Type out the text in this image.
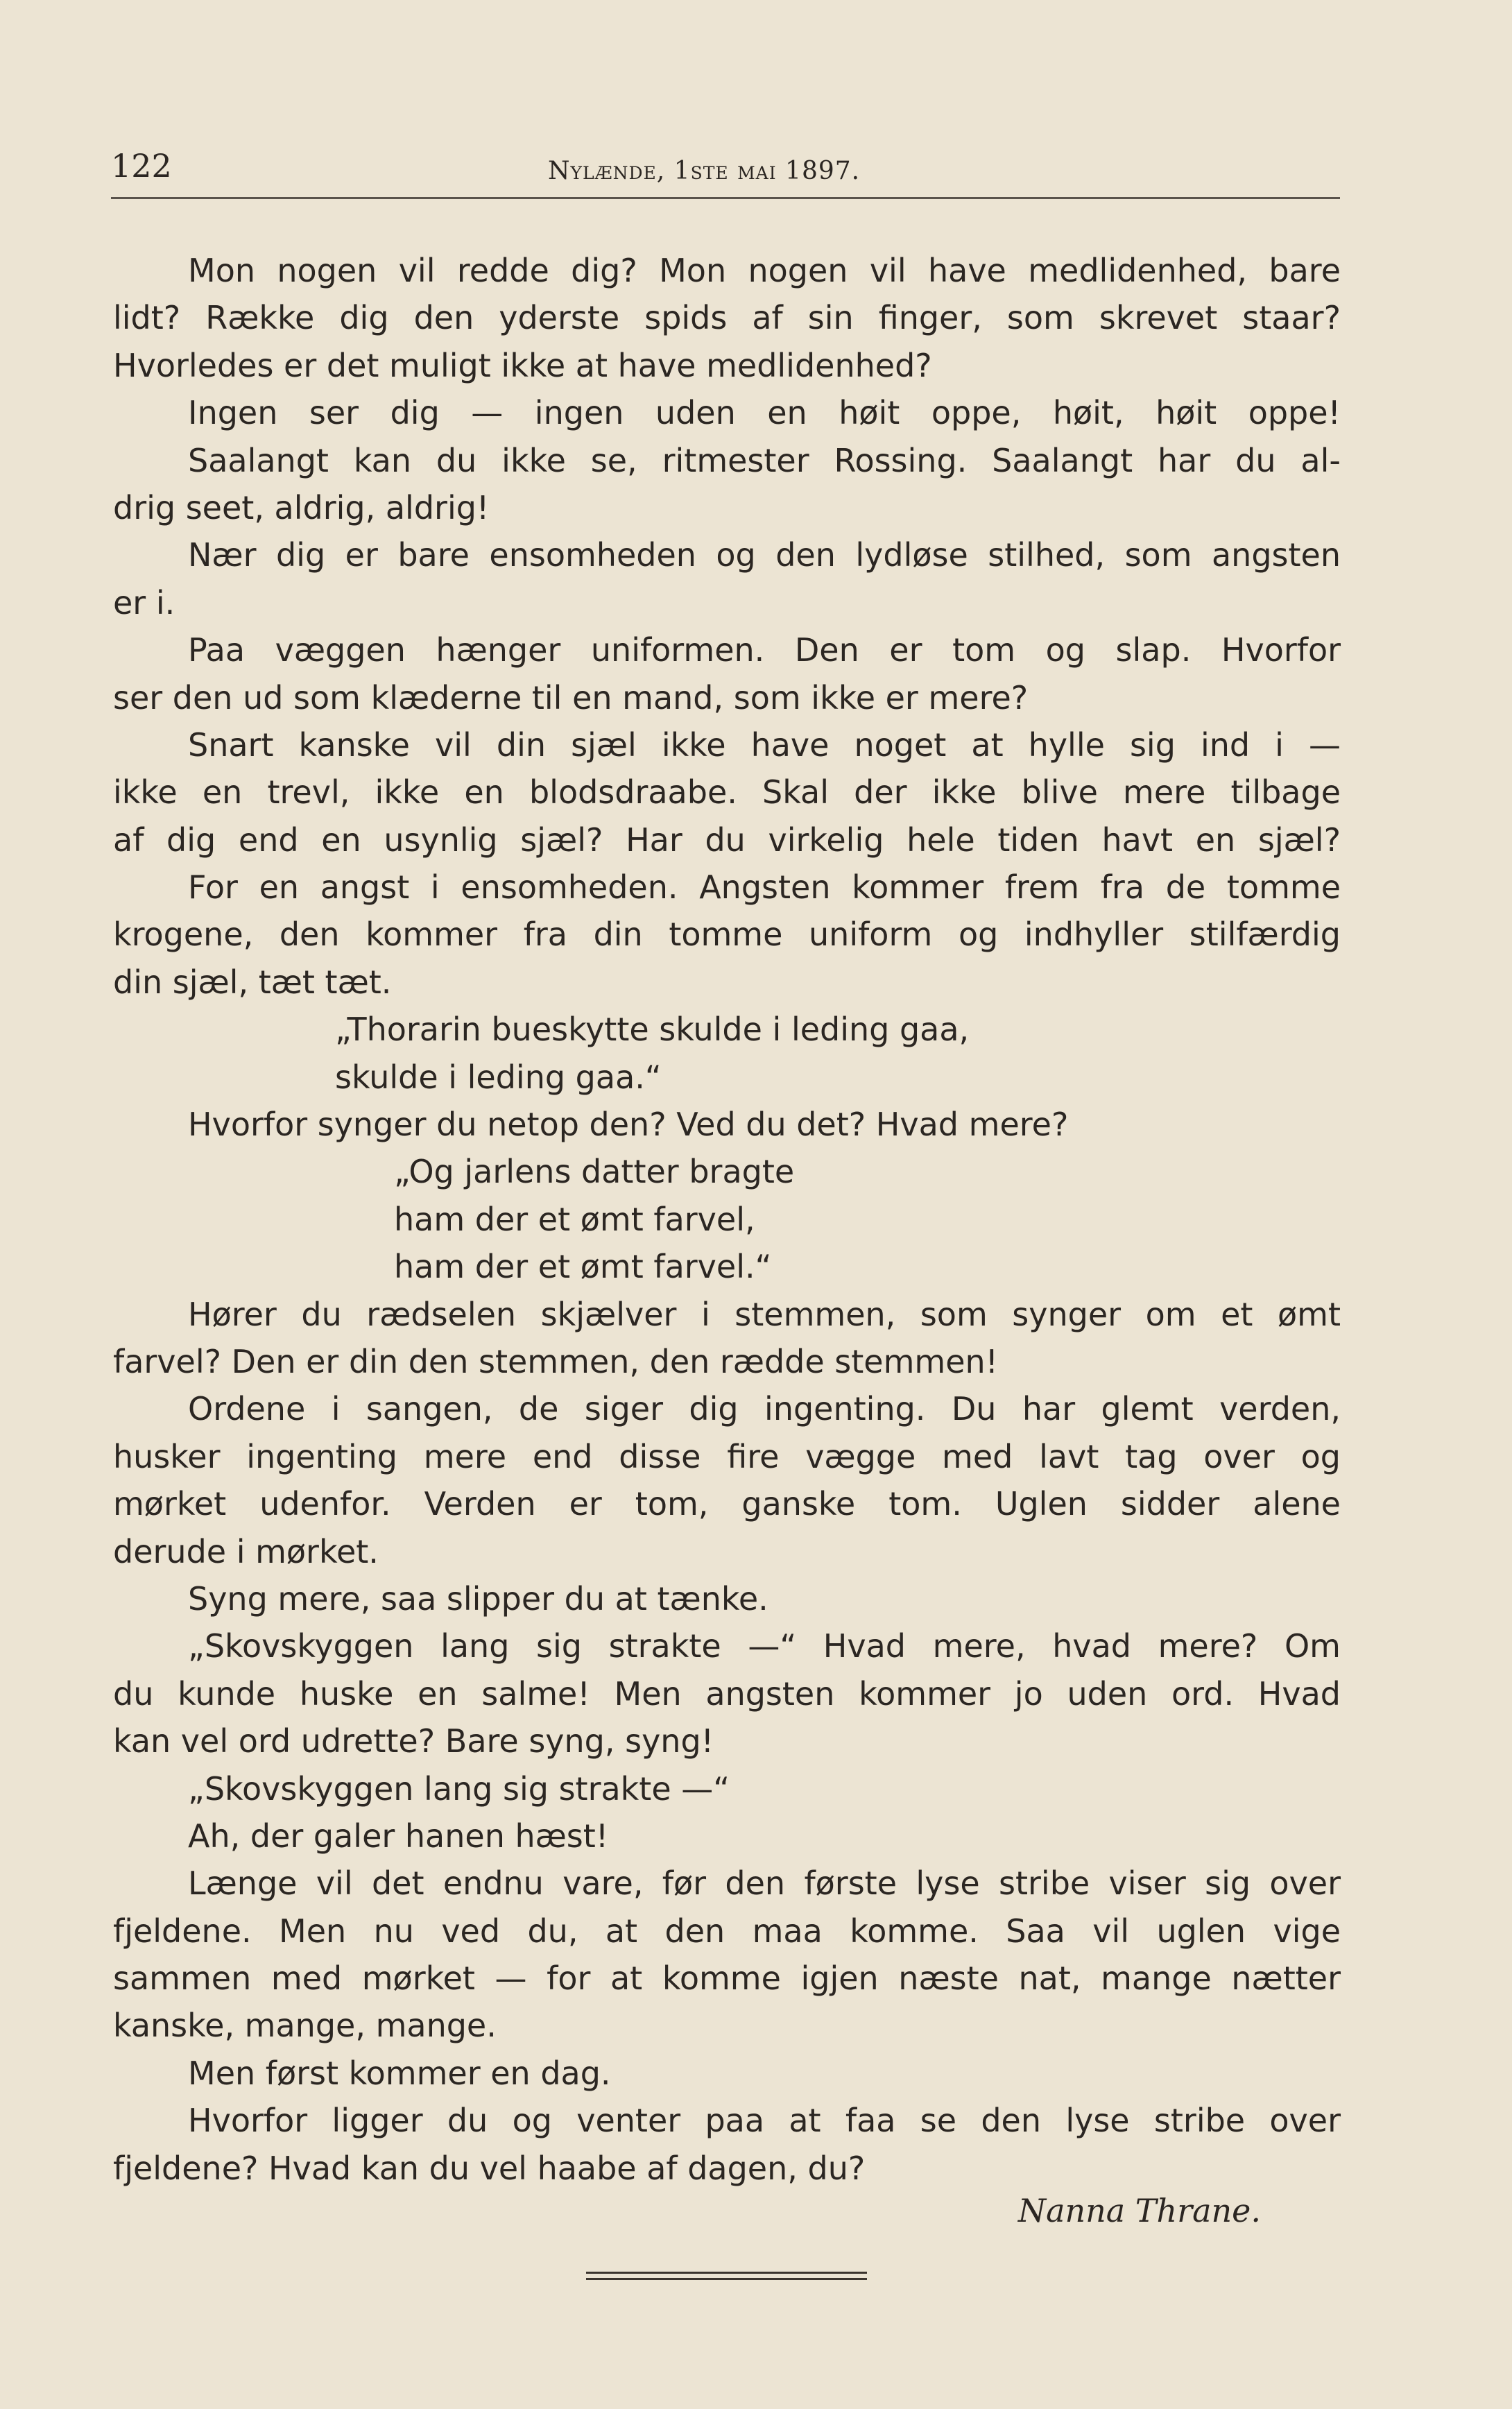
122	Nylænde, 1ste mai 1897.
Mon nogen vil redde dig? Mon nogen vil have medlidenhed, bare
lidt? Række dig den yderste spids af sin finger, som skrevet staar?
Hvorledes er det muligt ikke at have medlidenhed?
Ingen ser dig — ingen uden en høit oppe, høit, høit oppe!
Saalangt kan du ikke se, ritmester Rossing. Saalangt har du al-
drig seet, aldrig, aldrig!
Nær dig er bare ensomheden og den lydløse stilhed, som angsten
er i.
Paa væggen hænger uniformen. Den er tom og slap. Hvorfor
ser den ud som klæderne til en mand, som ikke er mere?
Snart kanske vil din sjæl ikke have noget at hylle sig ind i —
ikke en trevl, ikke en blodsdraabe. Skal der ikke blive mere tilbage
af dig end en usynlig sjæl? Har du virkelig hele tiden havt en sjæl?
For en angst i ensomheden. Angsten kommer frem fra de tomme
krogene, den kommer fra din tomme uniform og indhyller stilfærdig
din sjæl, tæt tæt.
„Thorarin bueskytte skulde i leding gaa,
skulde i leding gaa.“
Hvorfor synger du netop den? Ved du det? Hvad mere?
„Og jarlens datter bragte
ham der et ømt farvel,
ham der et ømt farvel.“
Hører du rædselen skjælver i stemmen, som synger om et ømt
farvel? Den er din den stemmen, den rædde stemmen!
Ordene i sangen, de siger dig ingenting. Du har glemt verden,
husker ingenting mere end disse fire vægge med lavt tag over og
mørket udenfor. Verden er tom, ganske tom. Uglen sidder alene
derude i mørket.
Syng mere, saa slipper du at tænke.
„Skovskyggen lang sig strakte —“ Hvad mere, hvad mere? Om
du kunde huske en salme! Men angsten kommer jo uden ord. Hvad
kan vel ord udrette? Bare syng, syng!
„Skovskyggen lang sig strakte —“
Ah, der galer hanen hæst!
Længe vil det endnu vare, før den første lyse stribe viser sig over
fjeldene. Men nu ved du, at den maa komme. Saa vil uglen vige
sammen med mørket — for at komme igjen næste nat, mange nætter
kanske, mange, mange.
Men først kommer en dag.
Hvorfor ligger du og venter paa at faa se den lyse stribe over
fjeldene? Hvad kan du vel haabe af dagen, du?
Nanna Thrane.
